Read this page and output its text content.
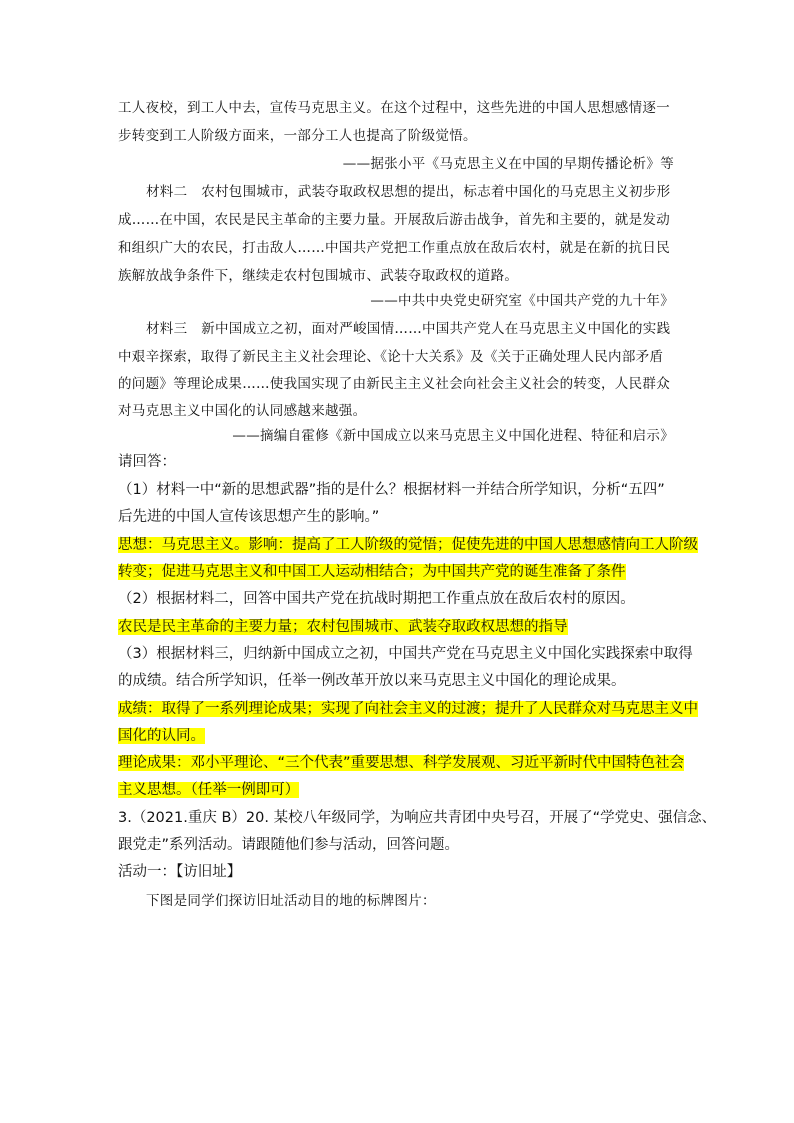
工人夜校，到工人中去，宣传马克思主义。在这个过程中，这些先进的中国人思想感情逐一
步转变到工人阶级方面来，一部分工人也提高了阶级觉悟。
——据张小平《马克思主义在中国的早期传播论析》等
材料二　农村包围城市，武装夺取政权思想的提出，标志着中国化的马克思主义初步形
成……在中国，农民是民主革命的主要力量。开展敌后游击战争，首先和主要的，就是发动
和组织广大的农民，打击敌人……中国共产党把工作重点放在敌后农村，就是在新的抗日民
族解放战争条件下，继续走农村包围城市、武装夺取政权的道路。
——中共中央党史研究室《中国共产党的九十年》
材料三　新中国成立之初，面对严峻国情……中国共产党人在马克思主义中国化的实践
中艰辛探索，取得了新民主主义社会理论、《论十大关系》及《关于正确处理人民内部矛盾
的问题》等理论成果……使我国实现了由新民主主义社会向社会主义社会的转变，人民群众
对马克思主义中国化的认同感越来越强。
——摘编自霍修《新中国成立以来马克思主义中国化进程、特征和启示》
请回答：
（1）材料一中“新的思想武器”指的是什么？根据材料一并结合所学知识，分析“五四”
后先进的中国人宣传该思想产生的影响。”
思想：马克思主义。影响：提高了工人阶级的觉悟；促使先进的中国人思想感情向工人阶级
转变；促进马克思主义和中国工人运动相结合；为中国共产党的诞生准备了条件
（2）根据材料二，回答中国共产党在抗战时期把工作重点放在敌后农村的原因。
农民是民主革命的主要力量；农村包围城市、武装夺取政权思想的指导
（3）根据材料三，归纳新中国成立之初，中国共产党在马克思主义中国化实践探索中取得
的成绩。结合所学知识，任举一例改革开放以来马克思主义中国化的理论成果。
成绩：取得了一系列理论成果；实现了向社会主义的过渡；提升了人民群众对马克思主义中
国化的认同。
理论成果：邓小平理论、“三个代表”重要思想、科学发展观、习近平新时代中国特色社会
主义思想。（任举一例即可）
3.（2021.重庆 B）20. 某校八年级同学，为响应共青团中央号召，开展了“学党史、强信念、
跟党走”系列活动。请跟随他们参与活动，回答问题。
活动一：【访旧址】
下图是同学们探访旧址活动目的地的标牌图片：
